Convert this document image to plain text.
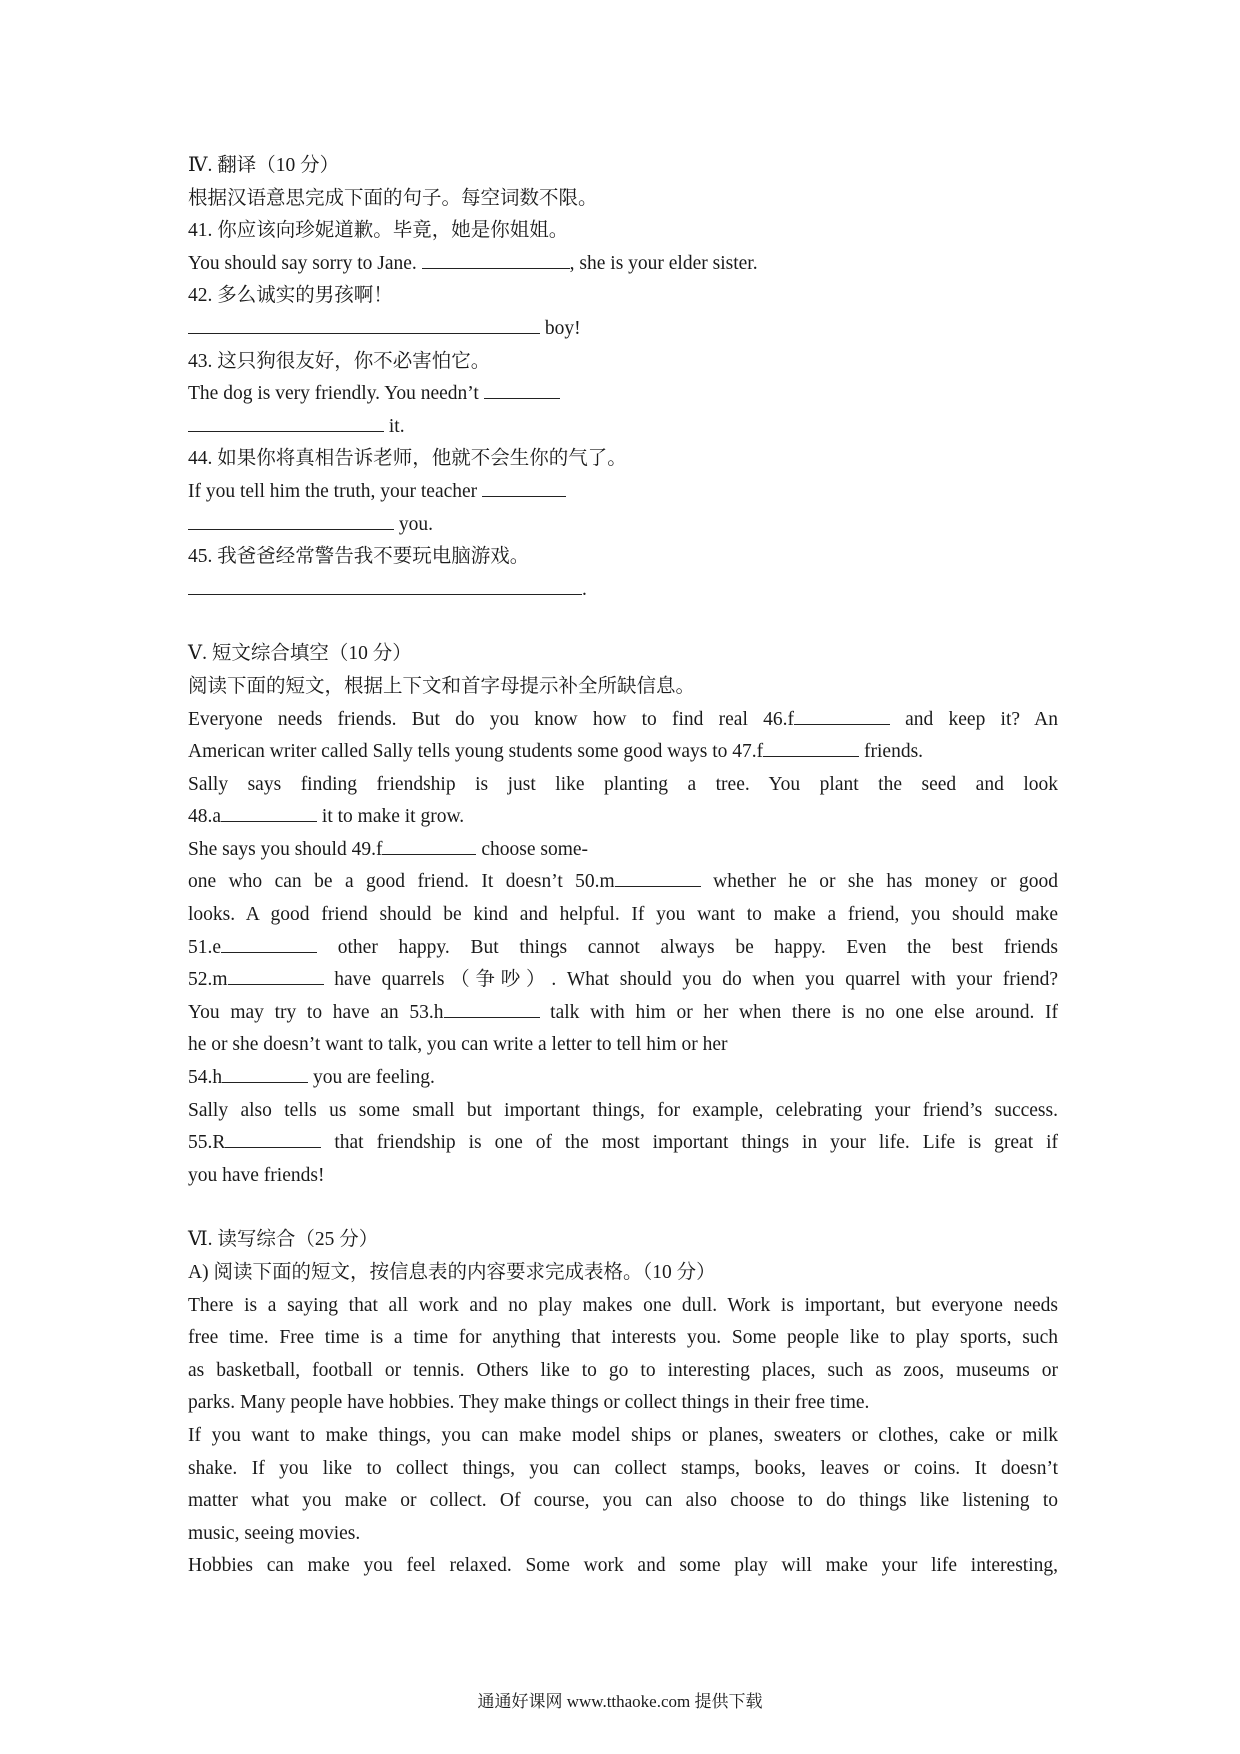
Ⅳ. 翻译（10 分）
根据汉语意思完成下面的句子。每空词数不限。
41. 你应该向珍妮道歉。毕竟，她是你姐姐。
You should say sorry to Jane.	, she is your elder sister.
42. 多么诚实的男孩啊！
boy!
43. 这只狗很友好，你不必害怕它。
The dog is very friendly. You needn’t
it.
44. 如果你将真相告诉老师，他就不会生你的气了。
If you tell him the truth, your teacher
you.
45. 我爸爸经常警告我不要玩电脑游戏。
.
Ⅴ. 短文综合填空（10 分）
阅读下面的短文，根据上下文和首字母提示补全所缺信息。
Everyone needs friends. But do you know how to find real 46.f	and keep it? An
American writer called Sally tells young students some good ways to 47.f	friends.
Sally says finding friendship is just like planting a tree. You plant the seed and look
48.a	it to make it grow.
She says you should 49.f	choose some-
one who can be a good friend. It doesn’t 50.m	whether he or she has money or good
looks. A good friend should be kind and helpful. If you want to make a friend, you should make
51.e	other happy. But things cannot always be happy. Even the best friends
52.m	have quarrels（争吵）. What should you do when you quarrel with your friend?
You may try to have an 53.h	talk with him or her when there is no one else around. If
he or she doesn’t want to talk, you can write a letter to tell him or her
54.h	you are feeling.
Sally also tells us some small but important things, for example, celebrating your friend’s success.
55.R	that friendship is one of the most important things in your life. Life is great if
you have friends!
Ⅵ. 读写综合（25 分）
A) 阅读下面的短文，按信息表的内容要求完成表格。（10 分）
There is a saying that all work and no play makes one dull. Work is important, but everyone needs
free time. Free time is a time for anything that interests you. Some people like to play sports, such
as basketball, football or tennis. Others like to go to interesting places, such as zoos, museums or
parks. Many people have hobbies. They make things or collect things in their free time.
If you want to make things, you can make model ships or planes, sweaters or clothes, cake or milk
shake. If you like to collect things, you can collect stamps, books, leaves or coins. It doesn’t
matter what you make or collect. Of course, you can also choose to do things like listening to
music, seeing movies.
Hobbies can make you feel relaxed. Some work and some play will make your life interesting,
通通好课网 www.tthaoke.com 提供下载
